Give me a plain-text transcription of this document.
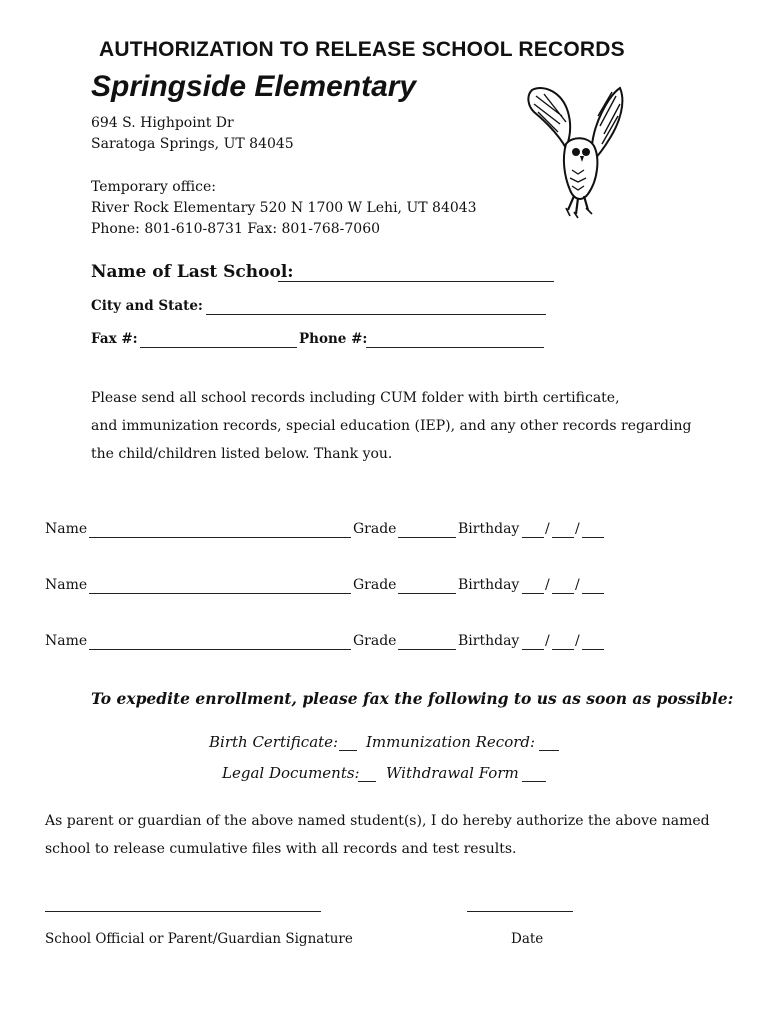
AUTHORIZATION TO RELEASE SCHOOL RECORDS
Springside Elementary
694 S. Highpoint Dr
Saratoga Springs, UT 84045
Temporary office:
River Rock Elementary 520 N 1700 W Lehi, UT 84043
Phone: 801-610-8731 Fax: 801-768-7060
Name of Last School:
City and State:
Fax #:	Phone #:
Please send all school records including CUM folder with birth certificate,
and immunization records, special education (IEP), and any other records regarding
the child/children listed below. Thank you.
Name	Grade	Birthday / /
Name	Grade	Birthday / /
Name	Grade	Birthday / /
To expedite enrollment, please fax the following to us as soon as possible:
Birth Certificate: Immunization Record:
Legal Documents: Withdrawal Form
As parent or guardian of the above named student(s), I do hereby authorize the above named
school to release cumulative files with all records and test results.
School Official or Parent/Guardian Signature	Date
